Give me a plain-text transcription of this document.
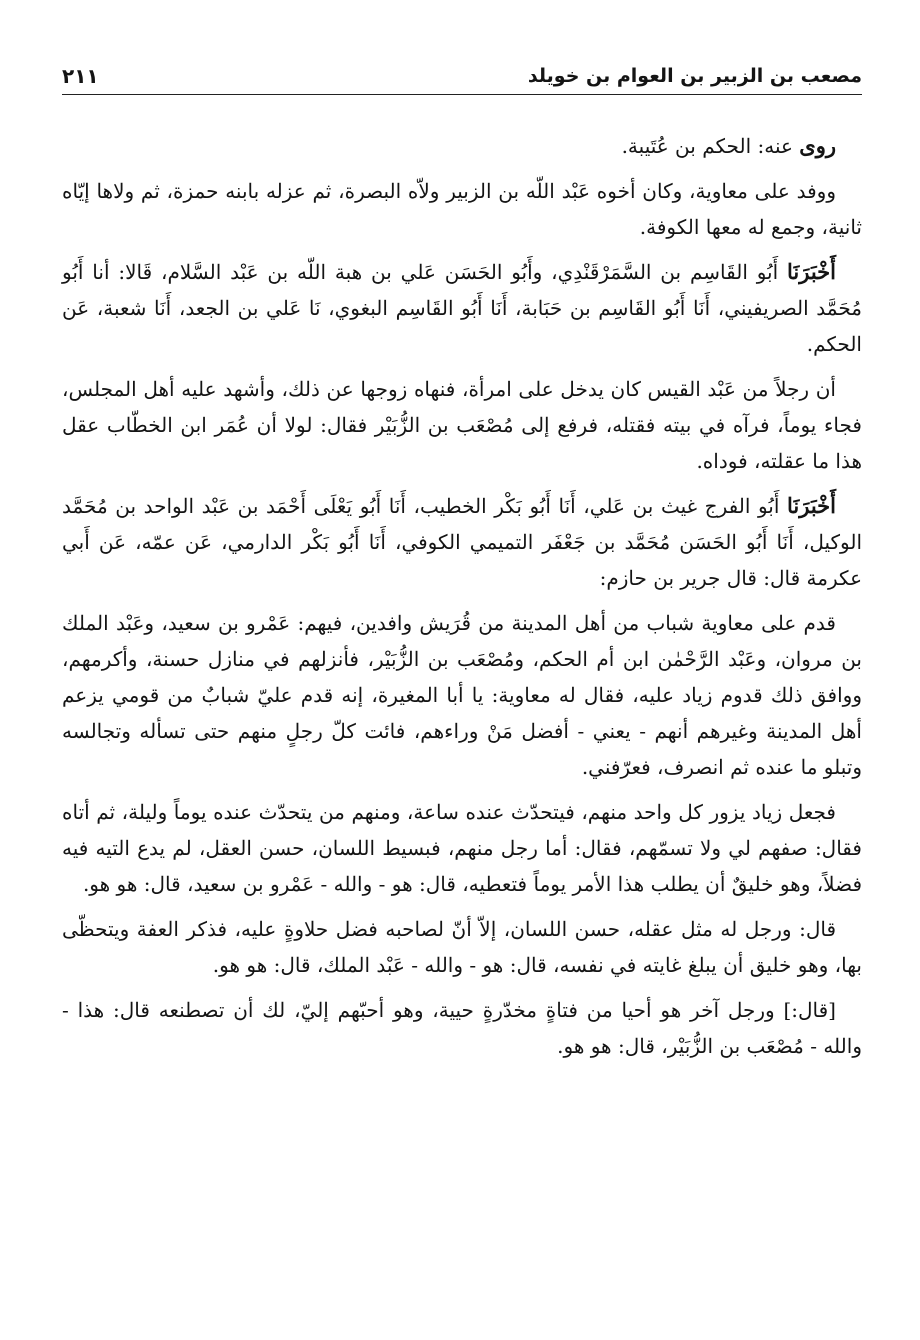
مصعب بن الزبير بن العوام بن خويلد
٢١١

روى عنه: الحكم بن عُتَيبة.

ووفد على معاوية، وكان أخوه عَبْد اللّه بن الزبير ولاّه البصرة، ثم عزله بابنه حمزة، ثم ولاها إيّاه ثانية، وجمع له معها الكوفة.

أَخْبَرَنَا أَبُو القَاسِم بن السَّمَرْقَنْدِي، وأَبُو الحَسَن عَلي بن هبة اللّه بن عَبْد السَّلام، قَالا: أنا أَبُو مُحَمَّد الصريفيني، أَنَا أَبُو القَاسِم بن حَبَابة، أَنَا أَبُو القَاسِم البغوي، نَا عَلي بن الجعد، أَنَا شعبة، عَن الحكم.

أن رجلاً من عَبْد القيس كان يدخل على امرأة، فنهاه زوجها عن ذلك، وأشهد عليه أهل المجلس، فجاء يوماً، فرآه في بيته فقتله، فرفع إلى مُصْعَب بن الزُّبَيْر فقال: لولا أن عُمَر ابن الخطّاب عقل هذا ما عقلته، فوداه.

أَخْبَرَنَا أَبُو الفرج غيث بن عَلي، أَنَا أَبُو بَكْر الخطيب، أَنَا أَبُو يَعْلَى أَحْمَد بن عَبْد الواحد بن مُحَمَّد الوكيل، أَنَا أَبُو الحَسَن مُحَمَّد بن جَعْفَر التميمي الكوفي، أَنَا أَبُو بَكْر الدارمي، عَن عمّه، عَن أَبي عكرمة قال: قال جرير بن حازم:

قدم على معاوية شباب من أهل المدينة من قُرَيش وافدين، فيهم: عَمْرو بن سعيد، وعَبْد الملك بن مروان، وعَبْد الرَّحْمٰن ابن أم الحكم، ومُصْعَب بن الزُّبَيْر، فأنزلهم في منازل حسنة، وأكرمهم، ووافق ذلك قدوم زياد عليه، فقال له معاوية: يا أبا المغيرة، إنه قدم عليّ شبابٌ من قومي يزعم أهل المدينة وغيرهم أنهم - يعني - أفضل مَنْ وراءهم، فائت كلّ رجلٍ منهم حتى تسأله وتجالسه وتبلو ما عنده ثم انصرف، فعرّفني.

فجعل زياد يزور كل واحد منهم، فيتحدّث عنده ساعة، ومنهم من يتحدّث عنده يوماً وليلة، ثم أتاه فقال: صفهم لي ولا تسمّهم، فقال: أما رجل منهم، فبسيط اللسان، حسن العقل، لم يدع التيه فيه فضلاً، وهو خليقٌ أن يطلب هذا الأمر يوماً فتعطيه، قال: هو - والله - عَمْرو بن سعيد، قال: هو هو.

قال: ورجل له مثل عقله، حسن اللسان، إلاّ أنّ لصاحبه فضل حلاوةٍ عليه، فذكر العفة ويتحظّى بها، وهو خليق أن يبلغ غايته في نفسه، قال: هو - والله - عَبْد الملك، قال: هو هو.

[قال:] ورجل آخر هو أحيا من فتاةٍ مخدّرةٍ حيية، وهو أحبّهم إليّ، لك أن تصطنعه قال: هذا - والله - مُصْعَب بن الزُّبَيْر، قال: هو هو.
